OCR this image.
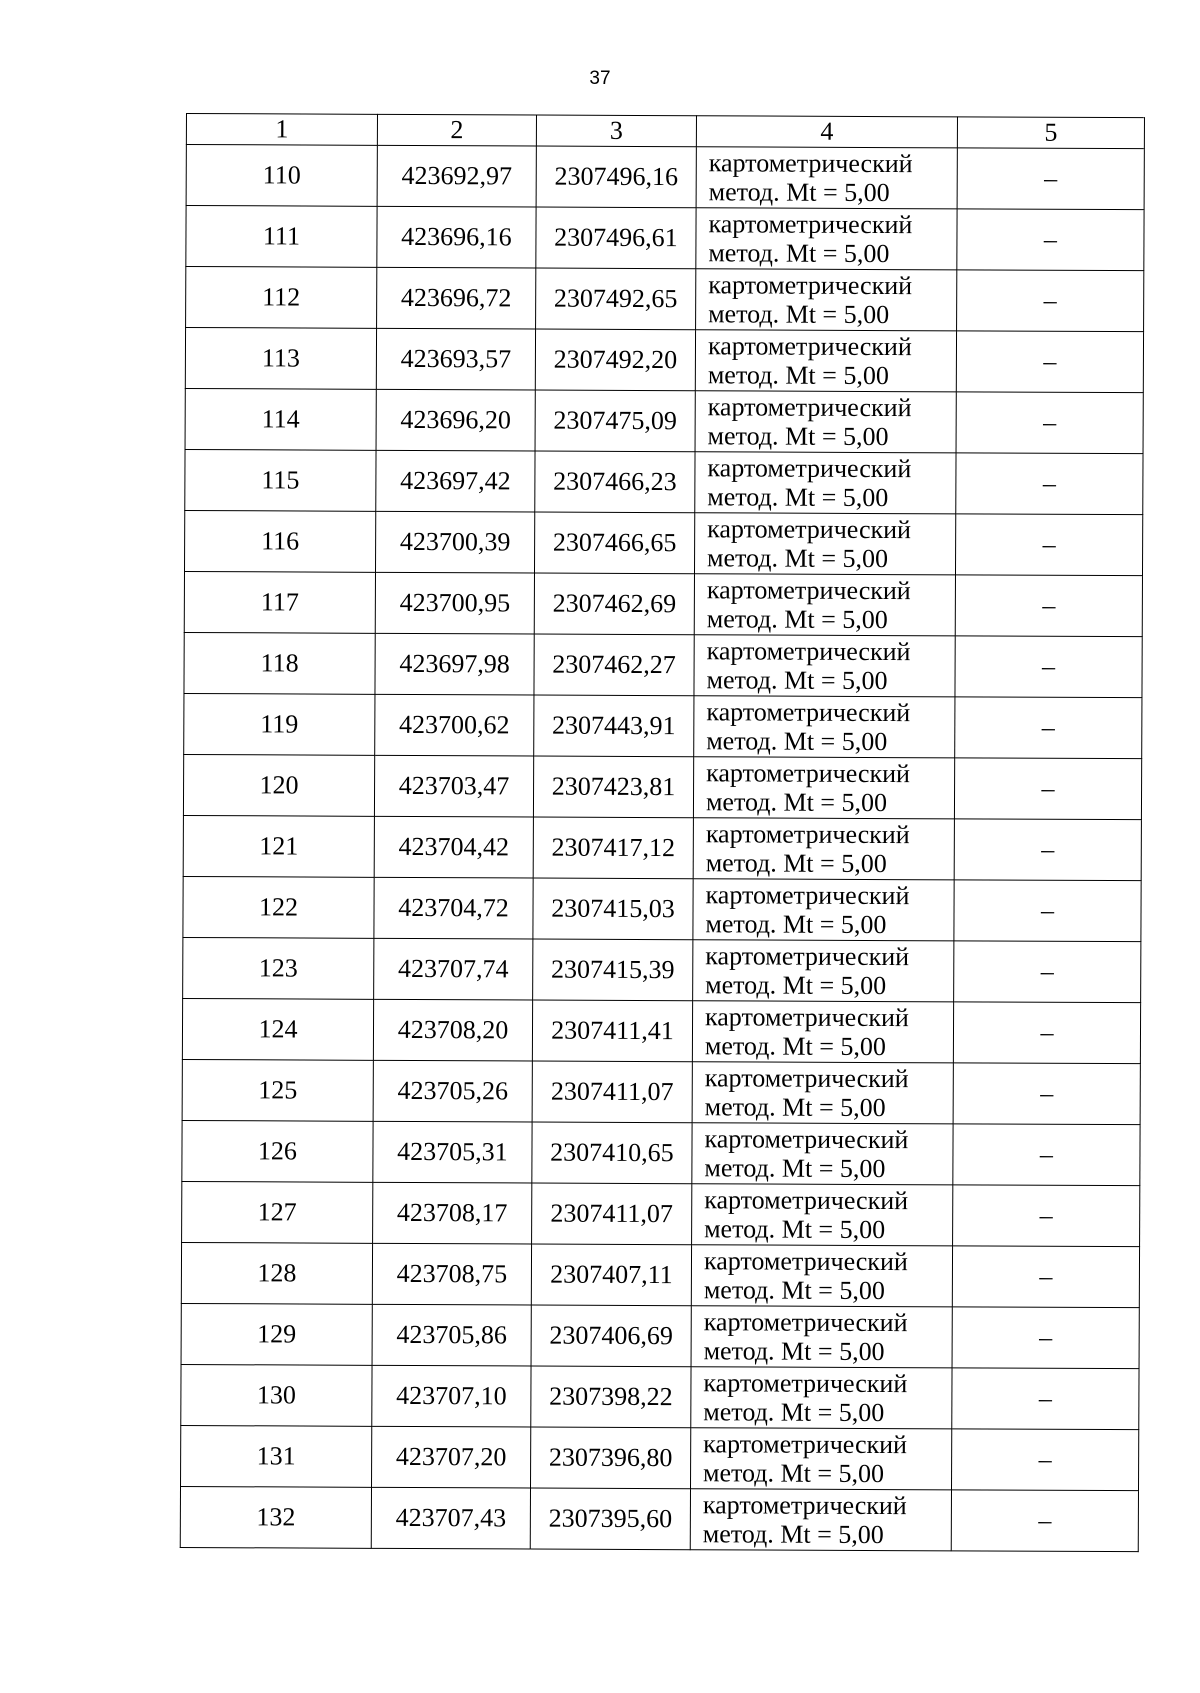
37
1	2	3	4	5
110	423692,97	2307496,16	картометрический
метод. Mt = 5,00	–
111	423696,16	2307496,61	картометрический
метод. Mt = 5,00	–
112	423696,72	2307492,65	картометрический
метод. Mt = 5,00	–
113	423693,57	2307492,20	картометрический
метод. Mt = 5,00	–
114	423696,20	2307475,09	картометрический
метод. Mt = 5,00	–
115	423697,42	2307466,23	картометрический
метод. Mt = 5,00	–
116	423700,39	2307466,65	картометрический
метод. Mt = 5,00	–
117	423700,95	2307462,69	картометрический
метод. Mt = 5,00	–
118	423697,98	2307462,27	картометрический
метод. Mt = 5,00	–
119	423700,62	2307443,91	картометрический
метод. Mt = 5,00	–
120	423703,47	2307423,81	картометрический
метод. Mt = 5,00	–
121	423704,42	2307417,12	картометрический
метод. Mt = 5,00	–
122	423704,72	2307415,03	картометрический
метод. Mt = 5,00	–
123	423707,74	2307415,39	картометрический
метод. Mt = 5,00	–
124	423708,20	2307411,41	картометрический
метод. Mt = 5,00	–
125	423705,26	2307411,07	картометрический
метод. Mt = 5,00	–
126	423705,31	2307410,65	картометрический
метод. Mt = 5,00	–
127	423708,17	2307411,07	картометрический
метод. Mt = 5,00	–
128	423708,75	2307407,11	картометрический
метод. Mt = 5,00	–
129	423705,86	2307406,69	картометрический
метод. Mt = 5,00	–
130	423707,10	2307398,22	картометрический
метод. Mt = 5,00	–
131	423707,20	2307396,80	картометрический
метод. Mt = 5,00	–
132	423707,43	2307395,60	картометрический
метод. Mt = 5,00	–
